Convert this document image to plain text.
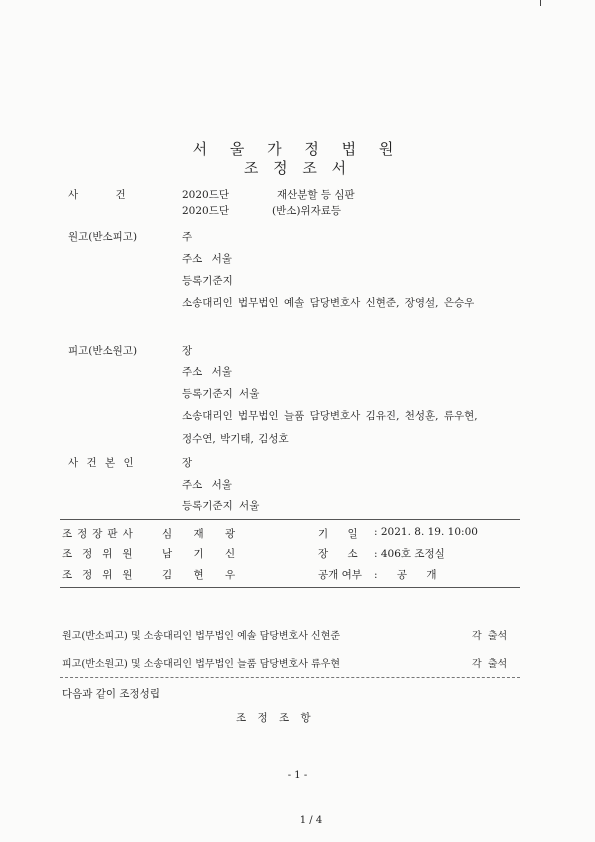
서 울 가 정 법 원
조 정 조 서
사 건	2020드단	재산분할 등 심판
2020드단	(반소)위자료등
원고(반소피고)	주
주소 서울
등록기준지
소송대리인 법무법인 예솔 담당변호사 신현준, 장영설, 은승우
피고(반소원고)	장
주소 서울
등록기준지 서울
소송대리인 법무법인 늘품 담당변호사 김유진, 천성훈, 류우현,
정수연, 박기태, 김성호
사 건 본 인	장
주소 서울
등록기준지 서울
조정장판사 심 재 광	기 일 : 2021. 8. 19. 10:00
조정위원 남 기 신	장 소 : 406호 조정실
조정위원 김 현 우	공개 여부 : 공 개
원고(반소피고) 및 소송대리인 법무법인 예솔 담당변호사 신현준	각 출석
피고(반소원고) 및 소송대리인 법무법인 늘품 담당변호사 류우현	각 출석
다음과 같이 조정성립
조 정 조 항
- 1 -
1 / 4
